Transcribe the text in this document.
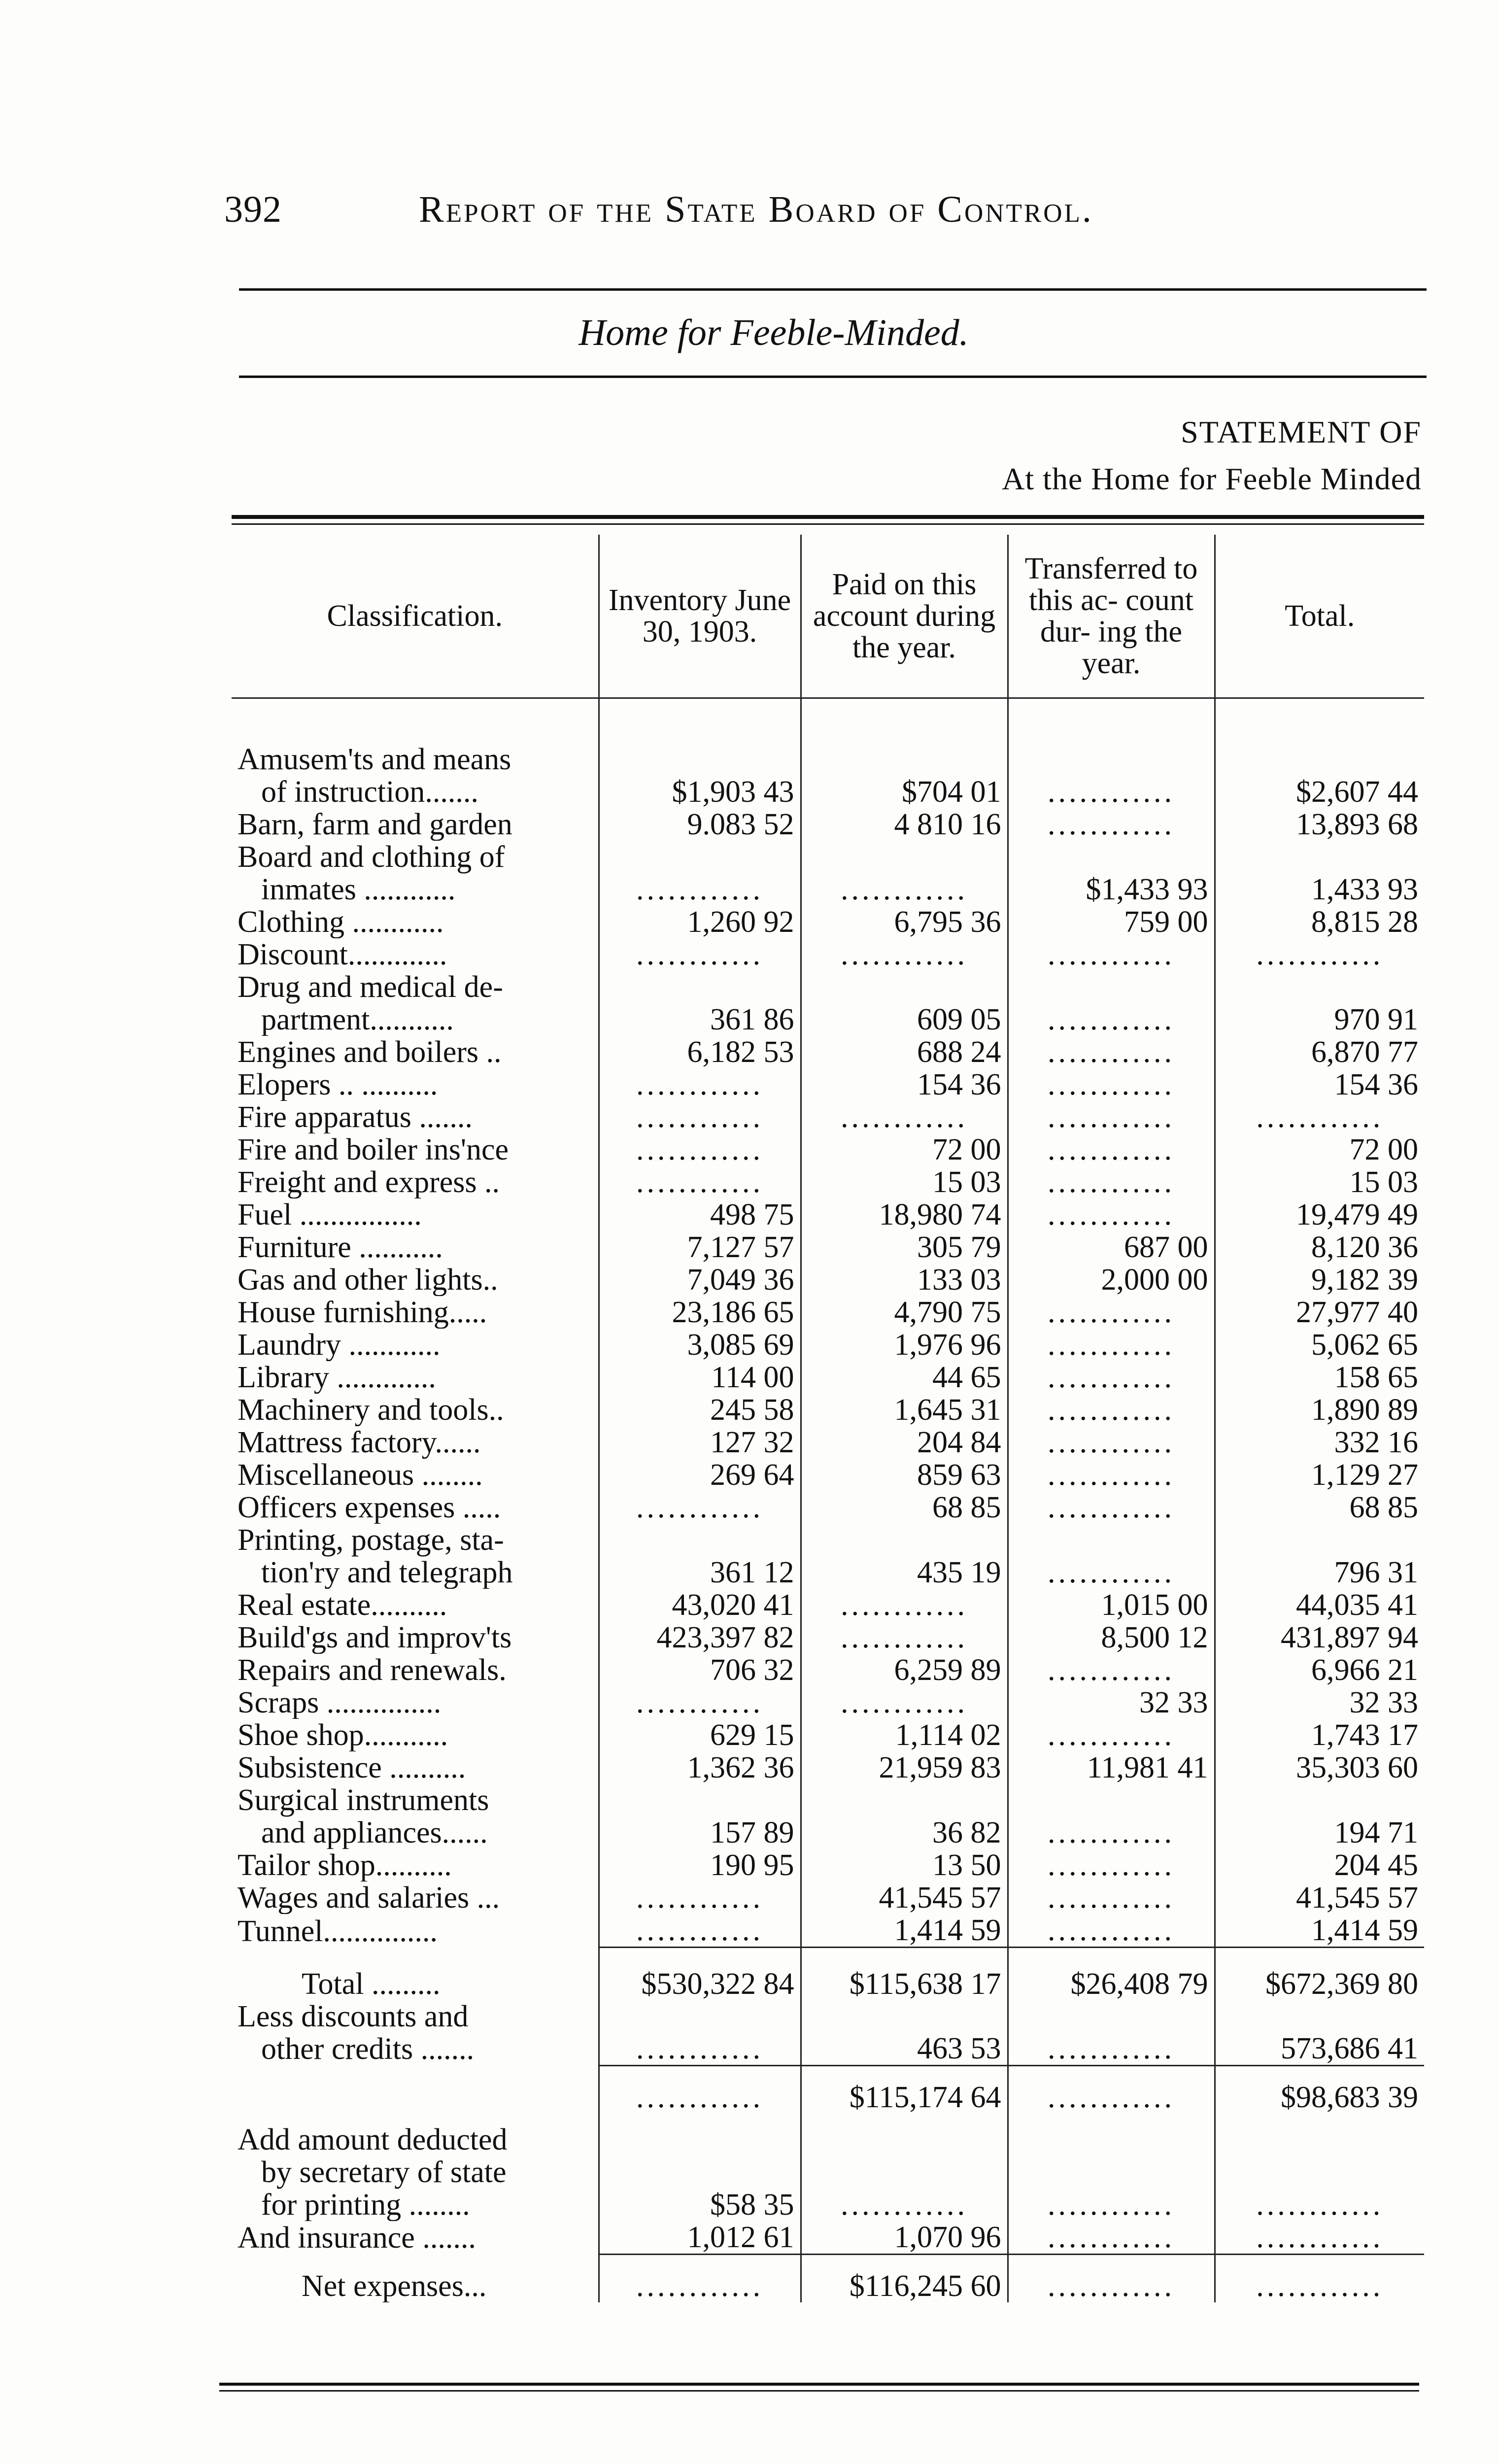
392	Report of the State Board of Control.
Home for Feeble-Minded.
STATEMENT OF
At the Home for Feeble Minded
Classification.	Inventory June 30, 1903.	Paid on this account during the year.	Transferred to this ac- count dur- ing the year.	Total.

Amusem'ts and means
of instruction.......	$1,903 43	$704 01	............	$2,607 44

Barn, farm and garden	9.083 52	4 810 16	............	13,893 68

Board and clothing of
inmates ............	............	............	$1,433 93	1,433 93

Clothing ............	1,260 92	6,795 36	759 00	8,815 28

Discount.............	............	............	............	............

Drug and medical de-
partment...........	361 86	609 05	............	970 91

Engines and boilers ..	6,182 53	688 24	............	6,870 77

Elopers .. ..........	............	154 36	............	154 36

Fire apparatus .......	............	............	............	............

Fire and boiler ins'nce	............	72 00	............	72 00

Freight and express ..	............	15 03	............	15 03

Fuel ................	498 75	18,980 74	............	19,479 49

Furniture ...........	7,127 57	305 79	687 00	8,120 36

Gas and other lights..	7,049 36	133 03	2,000 00	9,182 39

House furnishing.....	23,186 65	4,790 75	............	27,977 40

Laundry ............	3,085 69	1,976 96	............	5,062 65

Library .............	114 00	44 65	............	158 65

Machinery and tools..	245 58	1,645 31	............	1,890 89

Mattress factory......	127 32	204 84	............	332 16

Miscellaneous ........	269 64	859 63	............	1,129 27

Officers expenses .....	............	68 85	............	68 85

Printing, postage, sta-
tion'ry and telegraph	361 12	435 19	............	796 31

Real estate..........	43,020 41	............	1,015 00	44,035 41

Build'gs and improv'ts	423,397 82	............	8,500 12	431,897 94

Repairs and renewals.	706 32	6,259 89	............	6,966 21

Scraps ...............	............	............	32 33	32 33

Shoe shop...........	629 15	1,114 02	............	1,743 17

Subsistence ..........	1,362 36	21,959 83	11,981 41	35,303 60

Surgical instruments
and appliances......	157 89	36 82	............	194 71

Tailor shop..........	190 95	13 50	............	204 45

Wages and salaries ...	............	41,545 57	............	41,545 57

Tunnel...............	............	1,414 59	............	1,414 59

Total .........	$530,322 84	$115,638 17	$26,408 79	$672,369 80

Less discounts and
other credits .......	............	463 53	............	573,686 41
	............	$115,174 64	............	$98,683 39

Add amount deducted
by secretary of state
for printing ........	$58 35	............	............	............

And insurance .......	1,012 61	1,070 96	............	............

Net expenses...	............	$116,245 60	............	............
